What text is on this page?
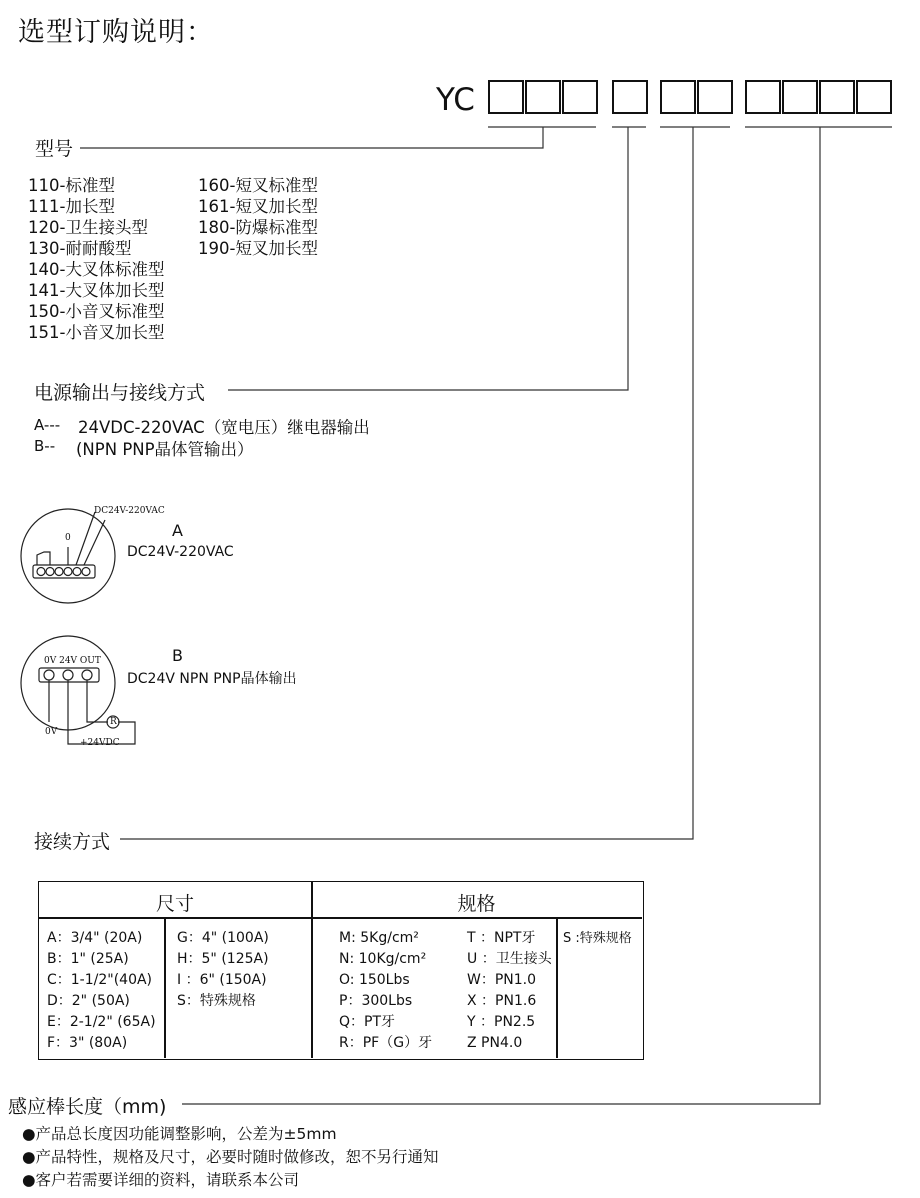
选型订购说明：
YC
型号
110-标准型
111-加长型
120-卫生接头型
130-耐耐酸型
140-大叉体标准型
141-大叉体加长型
150-小音叉标准型
151-小音叉加长型
160-短叉标准型
161-短叉加长型
180-防爆标准型
190-短叉加长型
电源输出与接线方式
A--- 24VDC-220VAC（宽电压）继电器输出
B-- (NPN PNP晶体管输出）
DC24V-220VAC
0	A
DC24V-220VAC
0V 24V OUT
0V
+24VDC
R
B
DC24V NPN PNP晶体输出
接续方式
尺寸	规格
A：3/4" (20A)
B：1" (25A)
C：1-1/2"(40A)
D：2" (50A)
E：2-1/2" (65A)
F：3" (80A)
G：4" (100A)
H：5" (125A)
I ：6" (150A)
S：特殊规格
M: 5Kg/cm²
N: 10Kg/cm²
O: 150Lbs
P：300Lbs
Q：PT牙
R：PF（G）牙
T ：NPT牙
U ：卫生接头
W：PN1.0
X ：PN1.6
Y ：PN2.5
Z PN4.0
S :特殊规格
感应棒长度（mm)
●产品总长度因功能调整影响，公差为±5mm
●产品特性，规格及尺寸，必要时随时做修改，恕不另行通知
●客户若需要详细的资料，请联系本公司
